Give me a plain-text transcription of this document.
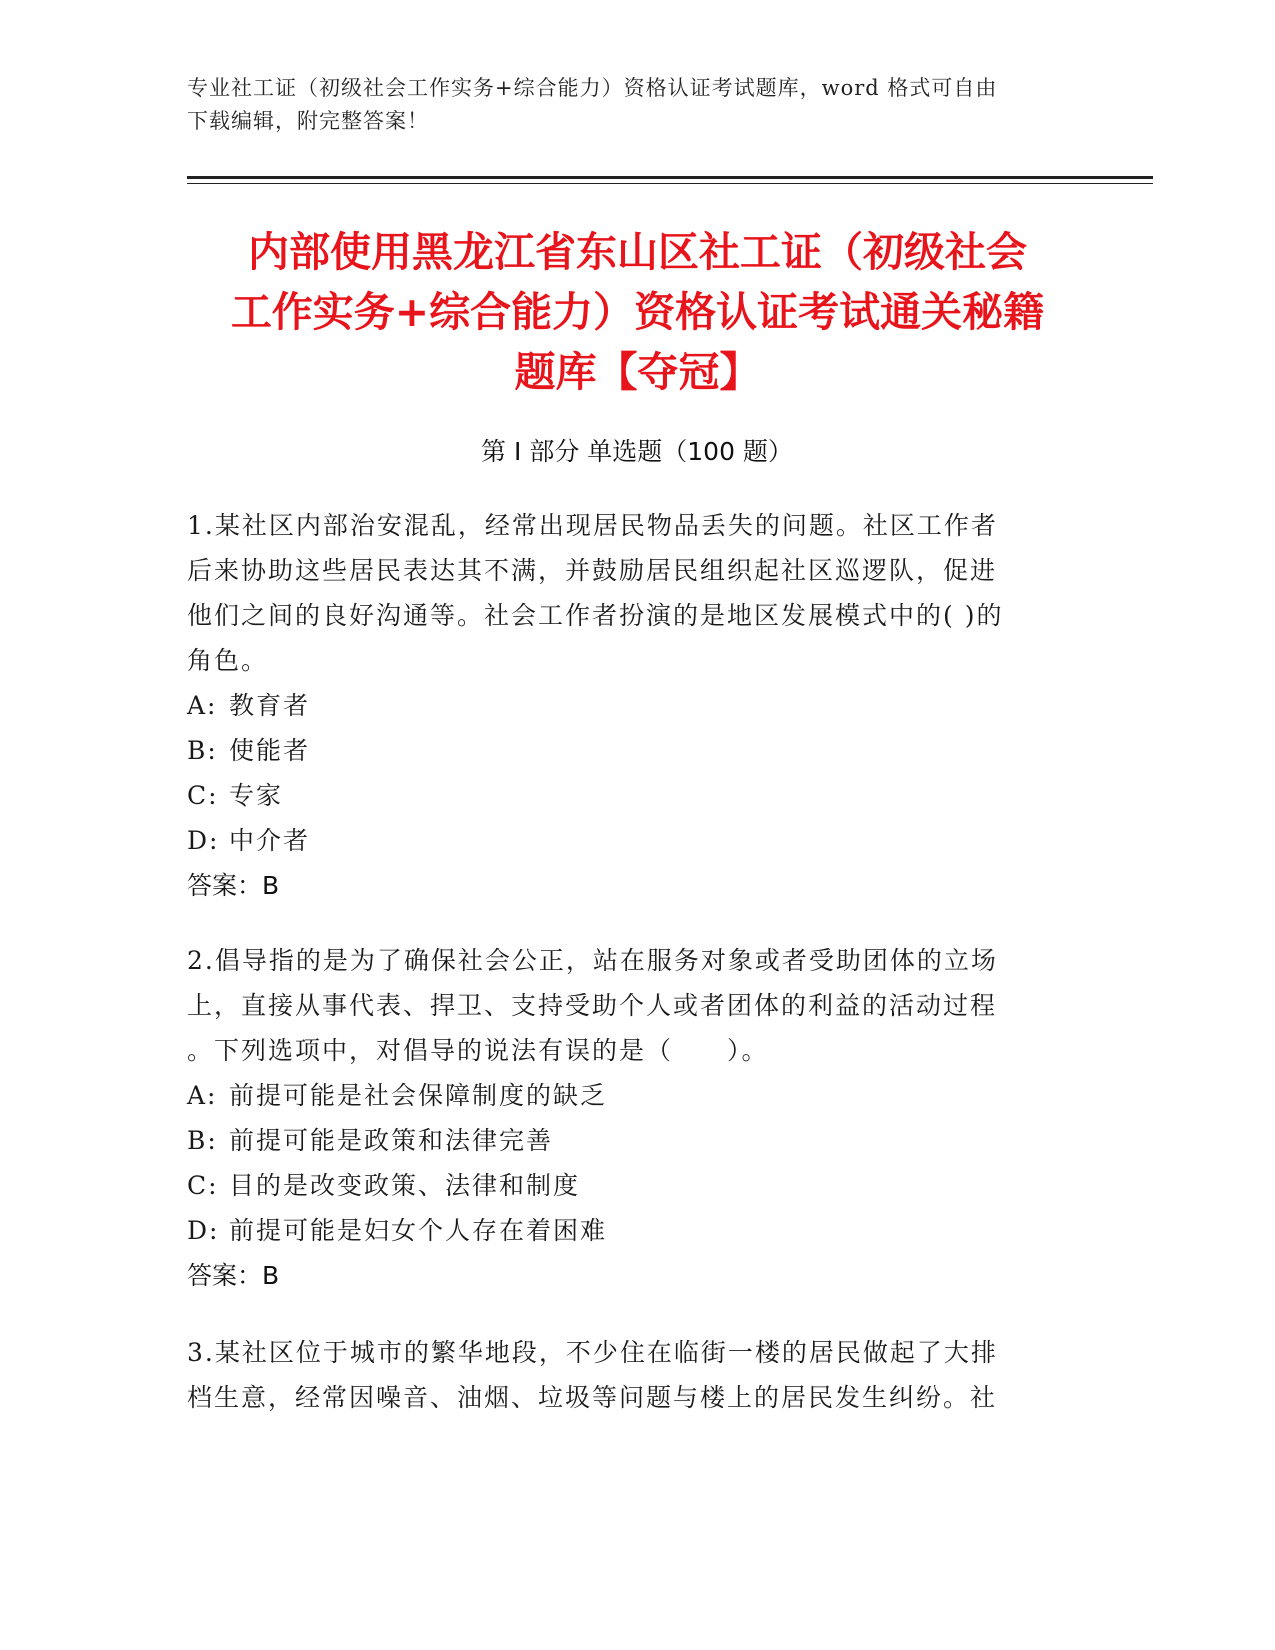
专业社工证（初级社会工作实务+综合能力）资格认证考试题库，word 格式可自由
下载编辑，附完整答案！
内部使用黑龙江省东山区社工证（初级社会
工作实务+综合能力）资格认证考试通关秘籍
题库【夺冠】
第 I 部分 单选题（100 题）

1.某社区内部治安混乱，经常出现居民物品丢失的问题。社区工作者

后来协助这些居民表达其不满，并鼓励居民组织起社区巡逻队，促进

他们之间的良好沟通等。社会工作者扮演的是地区发展模式中的( )的

角色。

A: 教育者

B: 使能者

C: 专家

D: 中介者

答案：B

2.倡导指的是为了确保社会公正，站在服务对象或者受助团体的立场

上，直接从事代表、捍卫、支持受助个人或者团体的利益的活动过程

。下列选项中，对倡导的说法有误的是（　　）。

A: 前提可能是社会保障制度的缺乏

B: 前提可能是政策和法律完善

C: 目的是改变政策、法律和制度

D: 前提可能是妇女个人存在着困难

答案：B

3.某社区位于城市的繁华地段，不少住在临街一楼的居民做起了大排

档生意，经常因噪音、油烟、垃圾等问题与楼上的居民发生纠纷。社
